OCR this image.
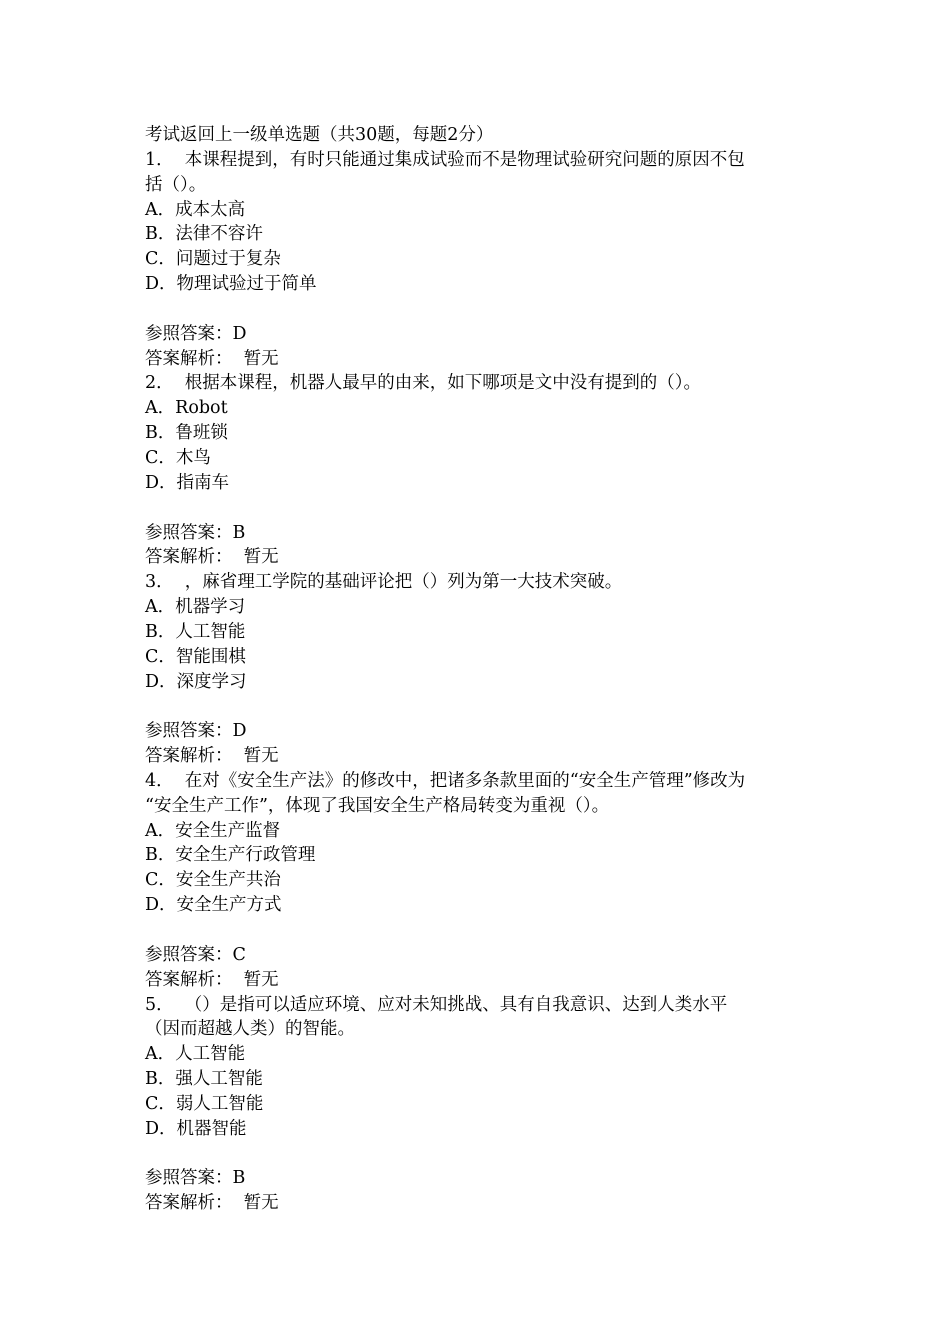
考试返回上一级单选题（共30题，每题2分）
1． 本课程提到，有时只能通过集成试验而不是物理试验研究问题的原因不包
括（）。
A．成本太高
B．法律不容许
C．问题过于复杂
D．物理试验过于简单
参照答案：D
答案解析： 暂无
2． 根据本课程，机器人最早的由来，如下哪项是文中没有提到的（）。
A．Robot
B．鲁班锁
C．木鸟
D．指南车
参照答案：B
答案解析： 暂无
3． ，麻省理工学院的基础评论把（）列为第一大技术突破。
A．机器学习
B．人工智能
C．智能围棋
D．深度学习
参照答案：D
答案解析： 暂无
4． 在对《安全生产法》的修改中，把诸多条款里面的“安全生产管理”修改为
“安全生产工作”，体现了我国安全生产格局转变为重视（）。
A．安全生产监督
B．安全生产行政管理
C．安全生产共治
D．安全生产方式
参照答案：C
答案解析： 暂无
5． （）是指可以适应环境、应对未知挑战、具有自我意识、达到人类水平
（因而超越人类）的智能。
A．人工智能
B．强人工智能
C．弱人工智能
D．机器智能
参照答案：B
答案解析： 暂无
